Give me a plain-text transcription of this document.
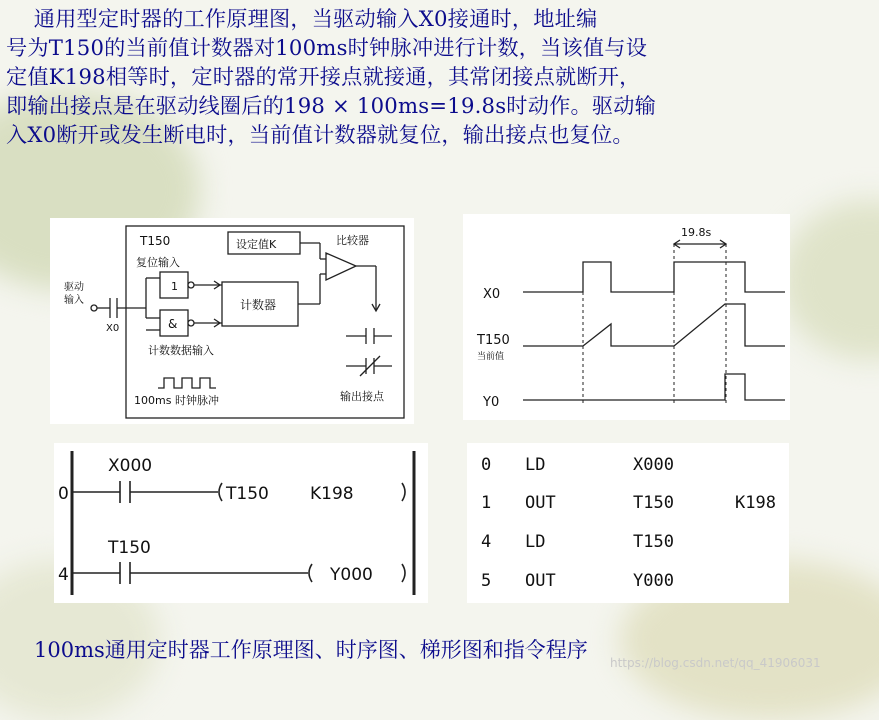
通用型定时器的工作原理图，当驱动输入X0接通时，地址编
号为T150的当前值计数器对100ms时钟脉冲进行计数，当该值与设
定值K198相等时，定时器的常开接点就接通，其常闭接点就断开，
即输出接点是在驱动线圈后的198 × 100ms=19.8s时动作。驱动输
入X0断开或发生断电时，当前值计数器就复位，输出接点也复位。
T150
复位输入
设定值K	比较器
驱动
输入
X0
计数器
1
&
计数数据输入
100ms 时钟脉冲	输出接点
19.8s
X0
T150
当前值
Y0
0
X000
T150 K198
4
T150
Y000
0 LD	X000
1 OUT	T150	K198
4 LD	T150
5 OUT	Y000
100ms通用定时器工作原理图、时序图、梯形图和指令程序
https://blog.csdn.net/qq_41906031
